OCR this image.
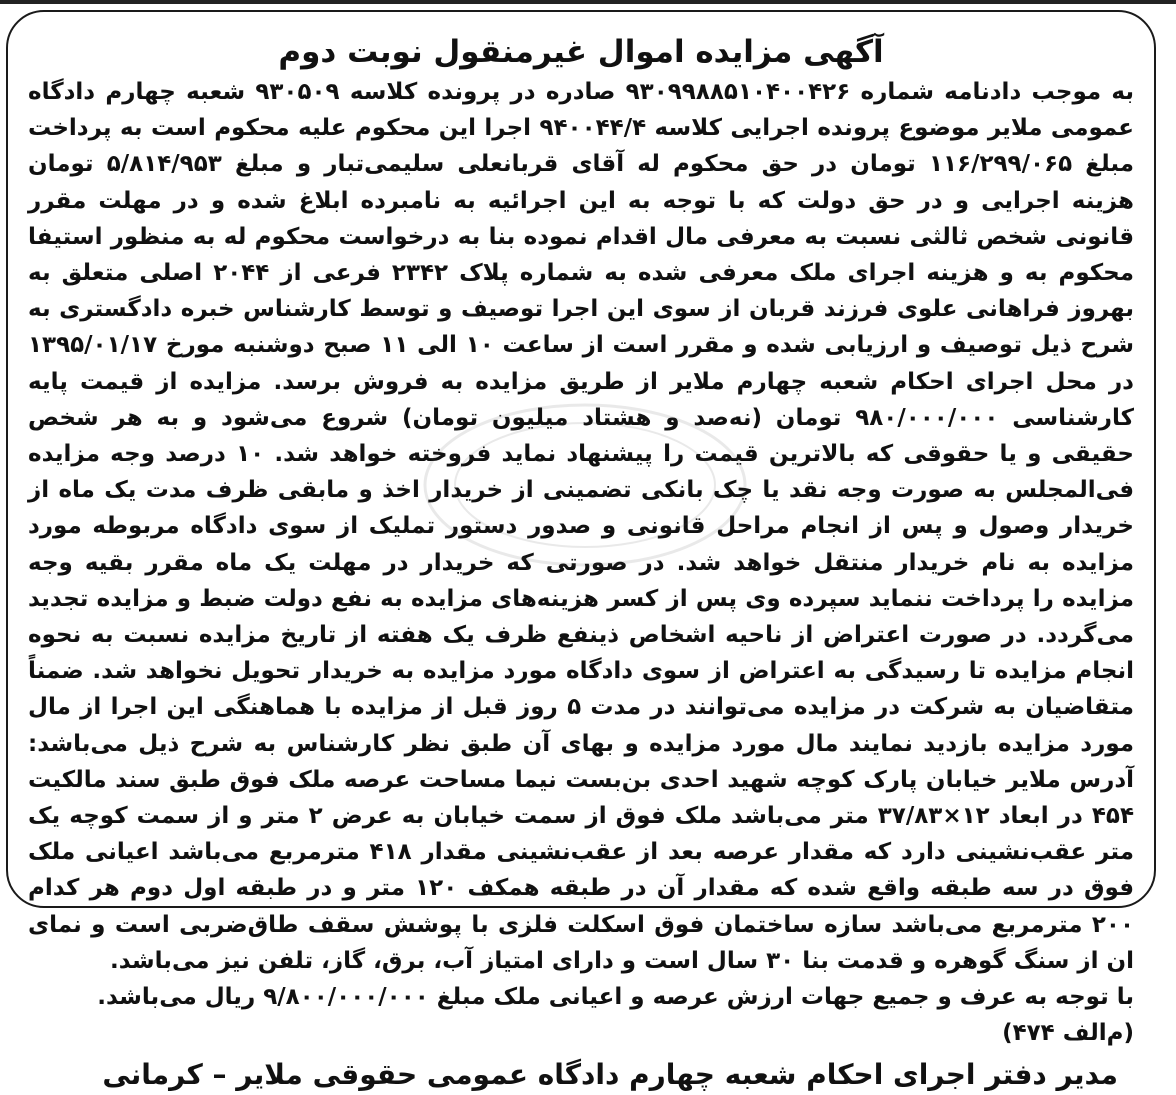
آگهی مزایده اموال غیرمنقول نوبت دوم

به موجب دادنامه شماره ۹۳۰۹۹۸۸۵۱۰۴۰۰۴۲۶ صادره در پرونده کلاسه ۹۳۰۵۰۹ شعبه چهارم دادگاه عمومی ملایر موضوع پرونده اجرایی کلاسه ۹۴۰۰۴۴/۴ اجرا این محکوم علیه محکوم است به پرداخت مبلغ ۱۱۶/۲۹۹/۰۶۵ تومان در حق محکوم له آقای قربانعلی سلیمی‌تبار و مبلغ ۵/۸۱۴/۹۵۳ تومان هزینه اجرایی و در حق دولت که با توجه به این اجرائیه به نامبرده ابلاغ شده و در مهلت مقرر قانونی شخص ثالثی نسبت به معرفی مال اقدام نموده بنا به درخواست محکوم له به منظور استیفا محکوم به و هزینه اجرای ملک معرفی شده به شماره پلاک ۲۳۴۲ فرعی از ۲۰۴۴ اصلی متعلق به بهروز فراهانی علوی فرزند قربان از سوی این اجرا توصیف و توسط کارشناس خبره دادگستری به شرح ذیل توصیف و ارزیابی شده و مقرر است از ساعت ۱۰ الی ۱۱ صبح دوشنبه مورخ ۱۳۹۵/۰۱/۱۷ در محل اجرای احکام شعبه چهارم ملایر از طریق مزایده به فروش برسد. مزایده از قیمت پایه کارشناسی ۹۸۰/۰۰۰/۰۰۰ تومان (نه‌صد و هشتاد میلیون تومان) شروع می‌شود و به هر شخص حقیقی و یا حقوقی که بالاترین قیمت را پیشنهاد نماید فروخته خواهد شد. ۱۰ درصد وجه مزایده فی‌المجلس به صورت وجه نقد یا چک بانکی تضمینی از خریدار اخذ و مابقی ظرف مدت یک ماه از خریدار وصول و پس از انجام مراحل قانونی و صدور دستور تملیک از سوی دادگاه مربوطه مورد مزایده به نام خریدار منتقل خواهد شد. در صورتی که خریدار در مهلت یک ماه مقرر بقیه وجه مزایده را پرداخت ننماید سپرده وی پس از کسر هزینه‌های مزایده به نفع دولت ضبط و مزایده تجدید می‌گردد. در صورت اعتراض از ناحیه اشخاص ذینفع ظرف یک هفته از تاریخ مزایده نسبت به نحوه انجام مزایده تا رسیدگی به اعتراض از سوی دادگاه مورد مزایده به خریدار تحویل نخواهد شد. ضمناً متقاضیان به شرکت در مزایده می‌توانند در مدت ۵ روز قبل از مزایده با هماهنگی این اجرا از مال مورد مزایده بازدید نمایند مال مورد مزایده و بهای آن طبق نظر کارشناس به شرح ذیل می‌باشد: آدرس ملایر خیابان پارک کوچه شهید احدی بن‌بست نیما مساحت عرصه ملک فوق طبق سند مالکیت ۴۵۴ در ابعاد ۱۲×۳۷/۸۳ متر می‌باشد ملک فوق از سمت خیابان به عرض ۲ متر و از سمت کوچه یک متر عقب‌نشینی دارد که مقدار عرصه بعد از عقب‌نشینی مقدار ۴۱۸ مترمربع می‌باشد اعیانی ملک فوق در سه طبقه واقع شده که مقدار آن در طبقه همکف ۱۲۰ متر و در طبقه اول دوم هر کدام ۲۰۰ مترمربع می‌باشد سازه ساختمان فوق اسکلت فلزی با پوشش سقف طاق‌ضربی است و نمای ان از سنگ گوهره و قدمت بنا ۳۰ سال است و دارای امتیاز آب، برق، گاز، تلفن نیز می‌باشد.

با توجه به عرف و جمیع جهات ارزش عرصه و اعیانی ملک مبلغ ۹/۸۰۰/۰۰۰/۰۰۰ ریال می‌باشد.(م‌الف ۴۷۴)

مدیر دفتر اجرای احکام شعبه چهارم دادگاه عمومی حقوقی ملایر – کرمانی
